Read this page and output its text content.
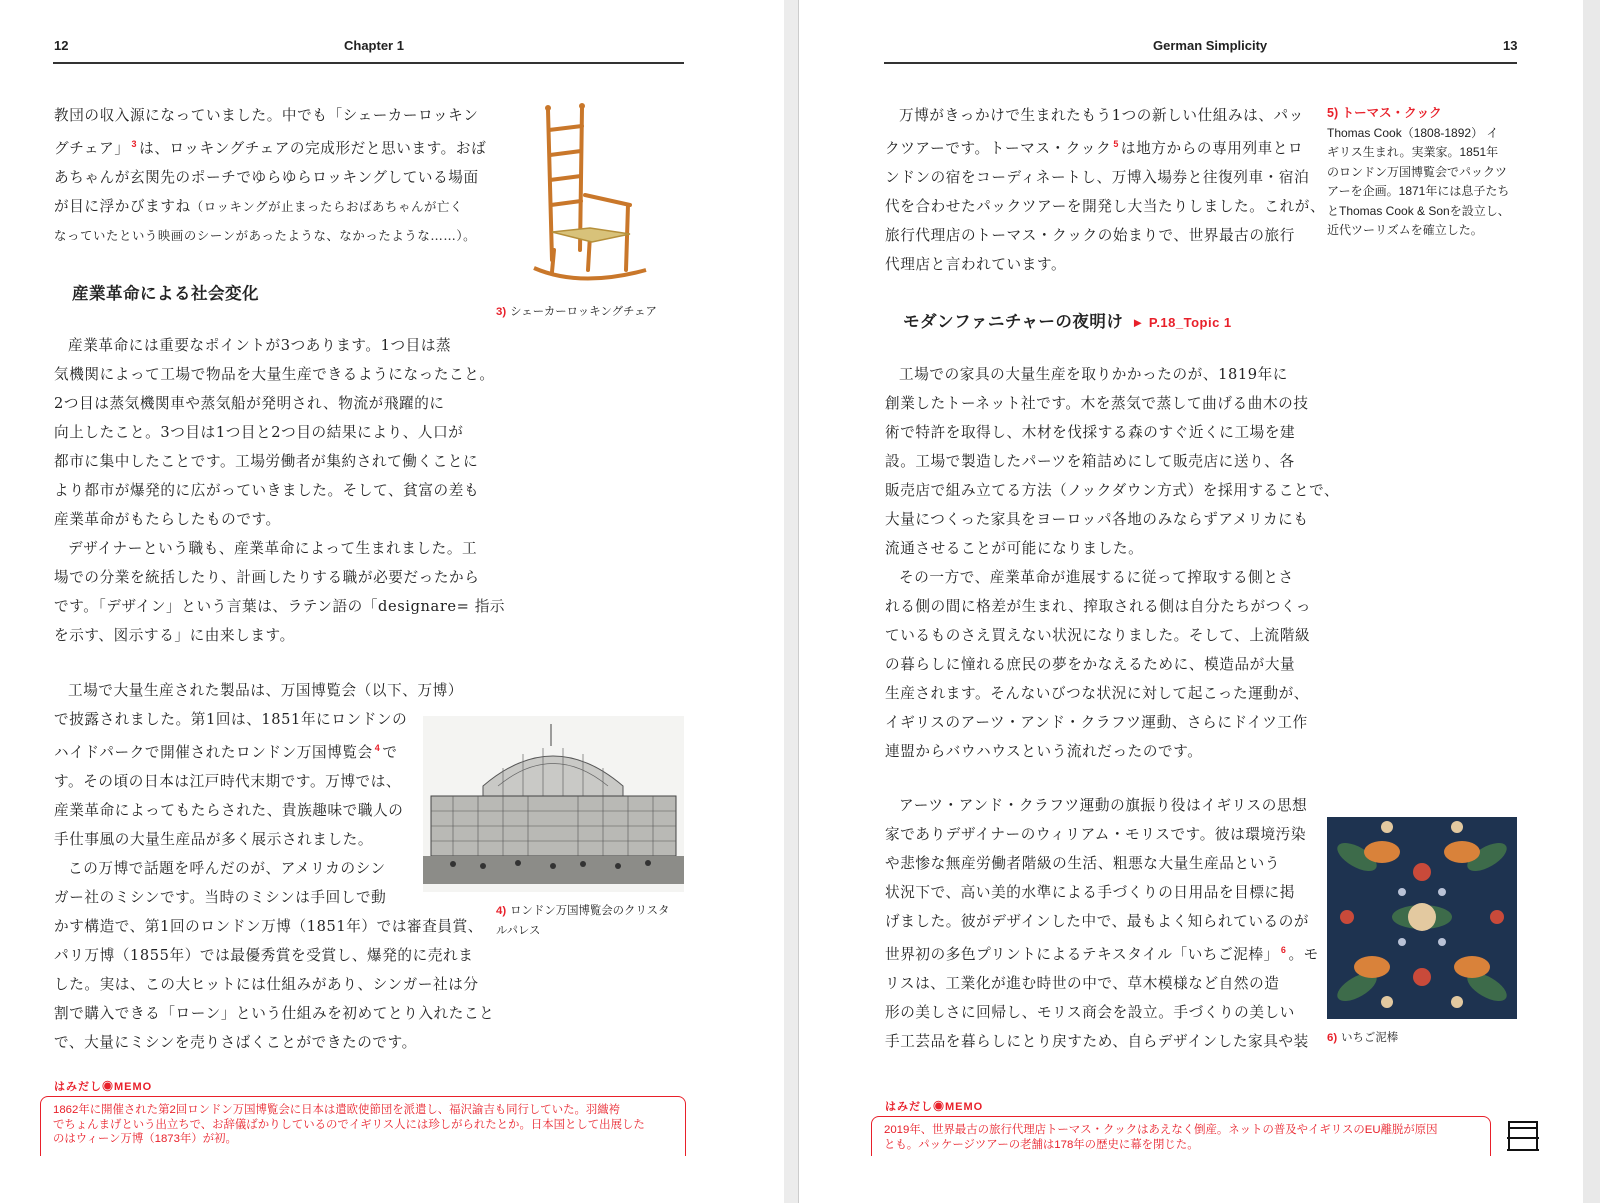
12	Chapter 1

教団の収入源になっていました。中でも「シェーカーロッキン

グチェア」 $^3$ は、ロッキングチェアの完成形だと思います。おば

あちゃんが玄関先のポーチでゆらゆらロッキングしている場面

が目に浮かびますね（ロッキングが止まったらおばあちゃんが亡く

なっていたという映画のシーンがあったような、なかったような……）。

3) シェーカーロッキングチェア
産業革命による社会変化

産業革命には重要なポイントが3つあります。1つ目は蒸

気機関によって工場で物品を大量生産できるようになったこと。

2つ目は蒸気機関車や蒸気船が発明され、物流が飛躍的に

向上したこと。3つ目は1つ目と2つ目の結果により、人口が

都市に集中したことです。工場労働者が集約されて働くことに

より都市が爆発的に広がっていきました。そして、貧富の差も

産業革命がもたらしたものです。

デザイナーという職も、産業革命によって生まれました。工

場での分業を統括したり、計画したりする職が必要だったから

です。「デザイン」という言葉は、ラテン語の「designare= 指示

を示す、図示する」に由来します。

工場で大量生産された製品は、万国博覧会（以下、万博）

で披露されました。第1回は、1851年にロンドンの

ハイドパークで開催されたロンドン万国博覧会 $^4$ で

す。その頃の日本は江戸時代末期です。万博では、

産業革命によってもたらされた、貴族趣味で職人の

手仕事風の大量生産品が多く展示されました。

この万博で話題を呼んだのが、アメリカのシン

ガー社のミシンです。当時のミシンは手回しで動

かす構造で、第1回のロンドン万博（1851年）では審査員賞、

パリ万博（1855年）では最優秀賞を受賞し、爆発的に売れま

した。実は、この大ヒットには仕組みがあり、シンガー社は分

割で購入できる「ローン」という仕組みを初めてとり入れたこと

で、大量にミシンを売りさばくことができたのです。

4) ロンドン万国博覧会のクリスタ
ルパレス
はみだし◉MEMO
1862年に開催された第2回ロンドン万国博覧会に日本は遣欧使節団を派遣し、福沢諭吉も同行していた。羽織袴
でちょんまげという出立ちで、お辞儀ばかりしているのでイギリス人には珍しがられたとか。日本国として出展した
のはウィーン万博（1873年）が初。
German Simplicity	13

万博がきっかけで生まれたもう1つの新しい仕組みは、パッ

クツアーです。トーマス・クック $^5$ は地方からの専用列車とロ

ンドンの宿をコーディネートし、万博入場券と往復列車・宿泊

代を合わせたパックツアーを開発し大当たりしました。これが、

旅行代理店のトーマス・クックの始まりで、世界最古の旅行

代理店と言われています。

5) トーマス・クック
Thomas Cook（1808-1892） イ
ギリス生まれ。実業家。1851年
のロンドン万国博覧会でパックツ
アーを企画。1871年には息子たち
とThomas Cook & Sonを設立し、
近代ツーリズムを確立した。
モダンファニチャーの夜明け ► P.18_Topic 1

工場での家具の大量生産を取りかかったのが、1819年に

創業したトーネット社です。木を蒸気で蒸して曲げる曲木の技

術で特許を取得し、木材を伐採する森のすぐ近くに工場を建

設。工場で製造したパーツを箱詰めにして販売店に送り、各

販売店で組み立てる方法（ノックダウン方式）を採用することで、

大量につくった家具をヨーロッパ各地のみならずアメリカにも

流通させることが可能になりました。

その一方で、産業革命が進展するに従って搾取する側とさ

れる側の間に格差が生まれ、搾取される側は自分たちがつくっ

ているものさえ買えない状況になりました。そして、上流階級

の暮らしに憧れる庶民の夢をかなえるために、模造品が大量

生産されます。そんないびつな状況に対して起こった運動が、

イギリスのアーツ・アンド・クラフツ運動、さらにドイツ工作

連盟からバウハウスという流れだったのです。

アーツ・アンド・クラフツ運動の旗振り役はイギリスの思想

家でありデザイナーのウィリアム・モリスです。彼は環境汚染

や悲惨な無産労働者階級の生活、粗悪な大量生産品という

状況下で、高い美的水準による手づくりの日用品を目標に掲

げました。彼がデザインした中で、最もよく知られているのが

世界初の多色プリントによるテキスタイル「いちご泥棒」 $^6$ 。モ

リスは、工業化が進む時世の中で、草木模様など自然の造

形の美しさに回帰し、モリス商会を設立。手づくりの美しい

手工芸品を暮らしにとり戻すため、自らデザインした家具や装	6) いちご泥棒
はみだし◉MEMO
2019年、世界最古の旅行代理店トーマス・クックはあえなく倒産。ネットの普及やイギリスのEU離脱が原因
とも。パッケージツアーの老舗は178年の歴史に幕を閉じた。
